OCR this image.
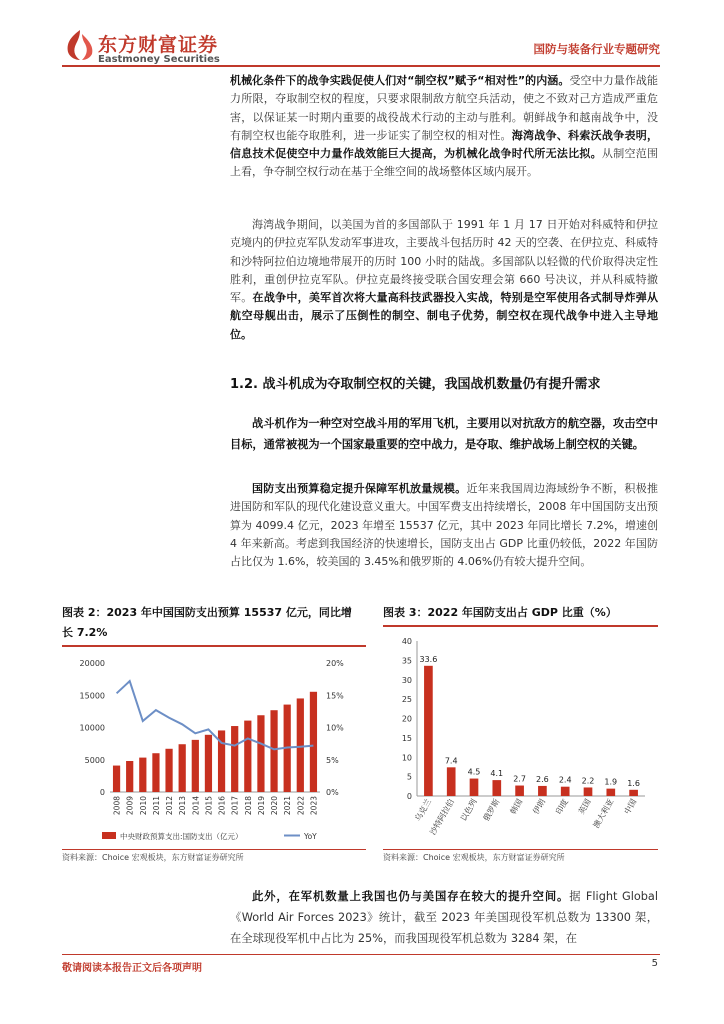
东方财富证券
Eastmoney Securities
国防与装备行业专题研究
机械化条件下的战争实践促使人们对“制空权”赋予“相对性”的内涵。受空中力量作战能力所限，夺取制空权的程度，只要求限制敌方航空兵活动，使之不致对己方造成严重危害，以保证某一时期内重要的战役战术行动的主动与胜利。朝鲜战争和越南战争中，没有制空权也能夺取胜利，进一步证实了制空权的相对性。海湾战争、科索沃战争表明，信息技术促使空中力量作战效能巨大提高，为机械化战争时代所无法比拟。从制空范围上看，争夺制空权行动在基于全维空间的战场整体区域内展开。
海湾战争期间，以美国为首的多国部队于 1991 年 1 月 17 日开始对科威特和伊拉克境内的伊拉克军队发动军事进攻，主要战斗包括历时 42 天的空袭、在伊拉克、科威特和沙特阿拉伯边境地带展开的历时 100 小时的陆战。多国部队以轻微的代价取得决定性胜利，重创伊拉克军队。伊拉克最终接受联合国安理会第 660 号决议，并从科威特撤军。在战争中，美军首次将大量高科技武器投入实战，特别是空军使用各式制导炸弹从航空母舰出击，展示了压倒性的制空、制电子优势，制空权在现代战争中进入主导地位。
1.2. 战斗机成为夺取制空权的关键，我国战机数量仍有提升需求
战斗机作为一种空对空战斗用的军用飞机，主要用以对抗敌方的航空器，攻击空中目标，通常被视为一个国家最重要的空中战力，是夺取、维护战场上制空权的关键。
国防支出预算稳定提升保障军机放量规模。近年来我国周边海域纷争不断，积极推进国防和军队的现代化建设意义重大。中国军费支出持续增长，2008 年中国国防支出预算为 4099.4 亿元，2023 年增至 15537 亿元，其中 2023 年同比增长 7.2%，增速创 4 年来新高。考虑到我国经济的快速增长，国防支出占 GDP 比重仍较低，2022 年国防占比仅为 1.6%，较美国的 3.45%和俄罗斯的 4.06%仍有较大提升空间。
图表 2：2023 年中国国防支出预算 15537 亿元，同比增长 7.2%
0
5000
10000
15000
20000
0%
5%
10%
15%
20%
2008 2009 2010 2011 2012 2013 2014 2015 2016 2017 2018 2019 2020 2021 2022 2023
中央财政预算支出:国防支出（亿元）	YoY
资料来源：Choice 宏观板块，东方财富证券研究所
图表 3：2022 年国防支出占 GDP 比重（%）
0
5
10
15
20
25
30
35
40
33.6
乌克兰
7.4
沙特阿拉伯
4.5
以色列
4.1
俄罗斯
2.7
韩国
2.6
伊朗
2.4
印度
2.2
英国
1.9
澳大利亚
1.6
中国
资料来源：Choice 宏观板块，东方财富证券研究所
此外，在军机数量上我国也仍与美国存在较大的提升空间。据 Flight Global 《World Air Forces 2023》统计，截至 2023 年美国现役军机总数为 13300 架，在全球现役军机中占比为 25%，而我国现役军机总数为 3284 架，在
敬请阅读本报告正文后各项声明	5
